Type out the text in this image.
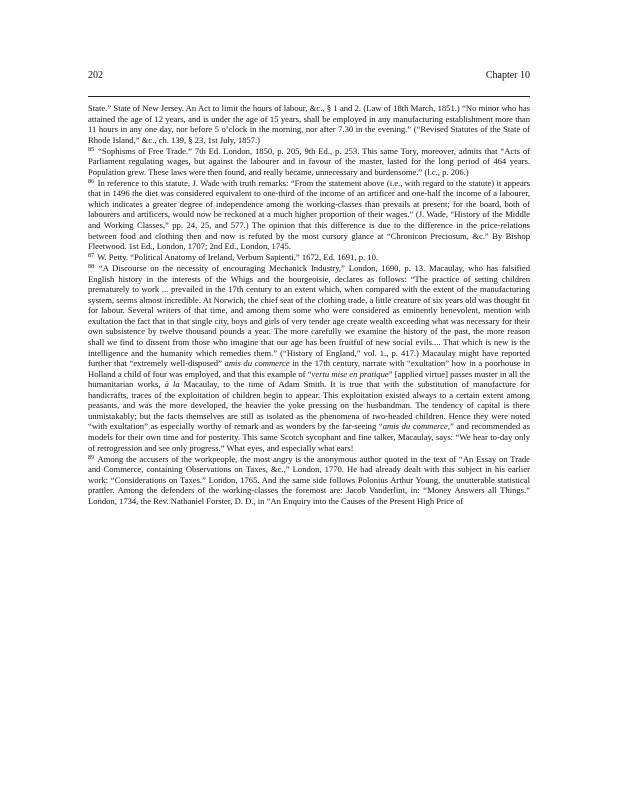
202	Chapter 10

State.” State of New Jersey. An Act to limit the hours of labour, &c., § 1 and 2. (Law of 18th March, 1851.) “No minor who has attained the age of 12 years, and is under the age of 15 years, shall be employed in any manufacturing establishment more than 11 hours in any one day, nor before 5 o’clock in the morning, nor after 7.30 in the evening.” (“Revised Statutes of the State of Rhode Island,” &c., ch. 139, § 23, 1st July, 1857.)

$^{85}$ “Sophisms of Free Trade.” 7th Ed. London, 1850, p. 205, 9th Ed., p. 253. This same Tory, moreover, admits that “Acts of Parliament regulating wages, but against the labourer and in favour of the master, lasted for the long period of 464 years. Population grew. These laws were then found, and really became, unnecessary and burdensome.” (l.c., p. 206.)

$^{86}$ In reference to this statute, J. Wade with truth remarks: “From the statement above (i.e., with regard to the statute) it appears that in 1496 the diet was considered equivalent to one-third of the income of an artificer and one-half the income of a labourer, which indicates a greater degree of independence among the working-classes than prevails at present; for the board, both of labourers and artificers, would now be reckoned at a much higher proportion of their wages.” (J. Wade, “History of the Middle and Working Classes,” pp. 24, 25, and 577.) The opinion that this difference is due to the difference in the price-relations between food and clothing then and now is refuted by the most cursory glance at “Chronicon Preciosum, &c.” By Bishop Fleetwood. 1st Ed., London, 1707; 2nd Ed., London, 1745.

$^{87}$ W. Petty. “Political Anatomy of Ireland, Verbum Sapienti,” 1672, Ed. 1691, p. 10.

$^{88}$ “A Discourse on the necessity of encouraging Mechanick Industry,” London, 1690, p. 13. Macaulay, who has falsified English history in the interests of the Whigs and the bourgeoisie, declares as follows: “The practice of setting children prematurely to work ... prevailed in the 17th century to an extent which, when compared with the extent of the manufacturing system, seems almost incredible. At Norwich, the chief seat of the clothing trade, a little creature of six years old was thought fit for labour. Several writers of that time, and among them some who were considered as eminently benevolent, mention with exultation the fact that in that single city, boys and girls of very tender age create wealth exceeding what was necessary for their own subsistence by twelve thousand pounds a year. The more carefully we examine the history of the past, the more reason shall we find to dissent from those who imagine that our age has been fruitful of new social evils.... That which is new is the intelligence and the humanity which remedies them.” (“History of England,” vol. 1., p. 417.) Macaulay might have reported further that “extremely well-disposed” amis du commerce in the 17th century, narrate with “exultation” how in a poorhouse in Holland a child of four was employed, and that this example of “vertu mise en pratique” [applied virtue] passes muster in all the humanitarian works, à la Macaulay, to the time of Adam Smith. It is true that with the substitution of manufacture for handicrafts, traces of the exploitation of children begin to appear. This exploitation existed always to a certain extent among peasants, and was the more developed, the heavier the yoke pressing on the husbandman. The tendency of capital is there unmistakably; but the facts themselves are still as isolated as the phenomena of two-headed children. Hence they were noted “with exultation” as especially worthy of remark and as wonders by the far-seeing “amis du commerce,” and recommended as models for their own time and for posterity. This same Scotch sycophant and fine talker, Macaulay, says: “We hear to-day only of retrogression and see only progress.” What eyes, and especially what ears!

$^{89}$ Among the accusers of the workpeople, the most angry is the anonymous author quoted in the text of “An Essay on Trade and Commerce, containing Observations on Taxes, &c.,” London, 1770. He had already dealt with this subject in his earlier work: “Considerations on Taxes.” London, 1765. And the same side follows Polonius Arthur Young, the unutterable statistical prattler. Among the defenders of the working-classes the foremost are: Jacob Vanderlint, in: “Money Answers all Things.” London, 1734, the Rev. Nathaniel Forster, D. D., in “An Enquiry into the Causes of the Present High Price of
